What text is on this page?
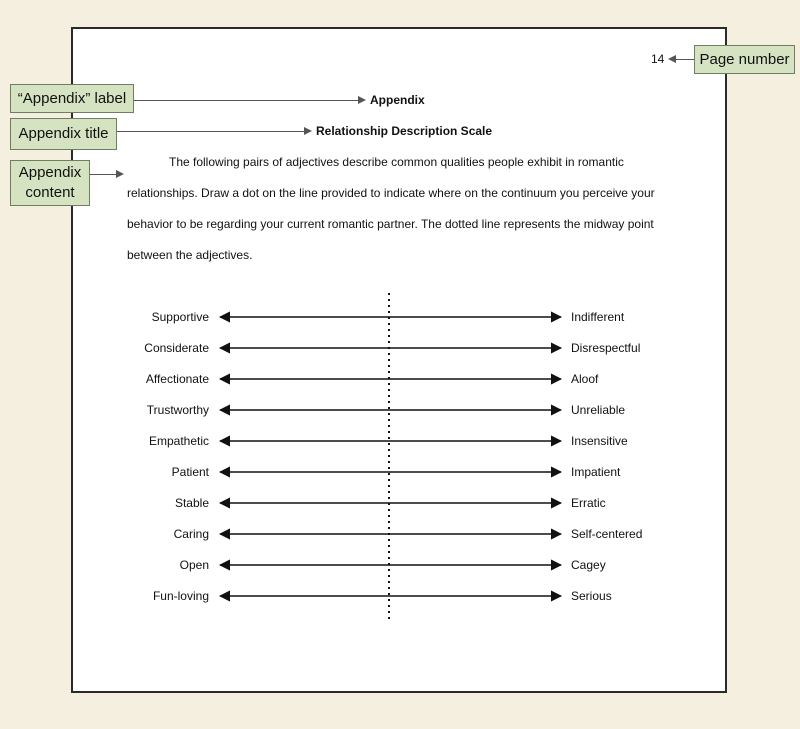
14
Appendix
Relationship Description Scale

The following pairs of adjectives describe common qualities people exhibit in romantic relationships. Draw a dot on the line provided to indicate where on the continuum you perceive your behavior to be regarding your current romantic partner. The dotted line represents the midway point between the adjectives.

Supportive	Indifferent
Considerate	Disrespectful
Affectionate	Aloof
Trustworthy	Unreliable
Empathetic	Insensitive
Patient	Impatient
Stable	Erratic
Caring	Self-centered
Open	Cagey
Fun-loving	Serious
Page number
“Appendix” label
Appendix title
Appendix
content
